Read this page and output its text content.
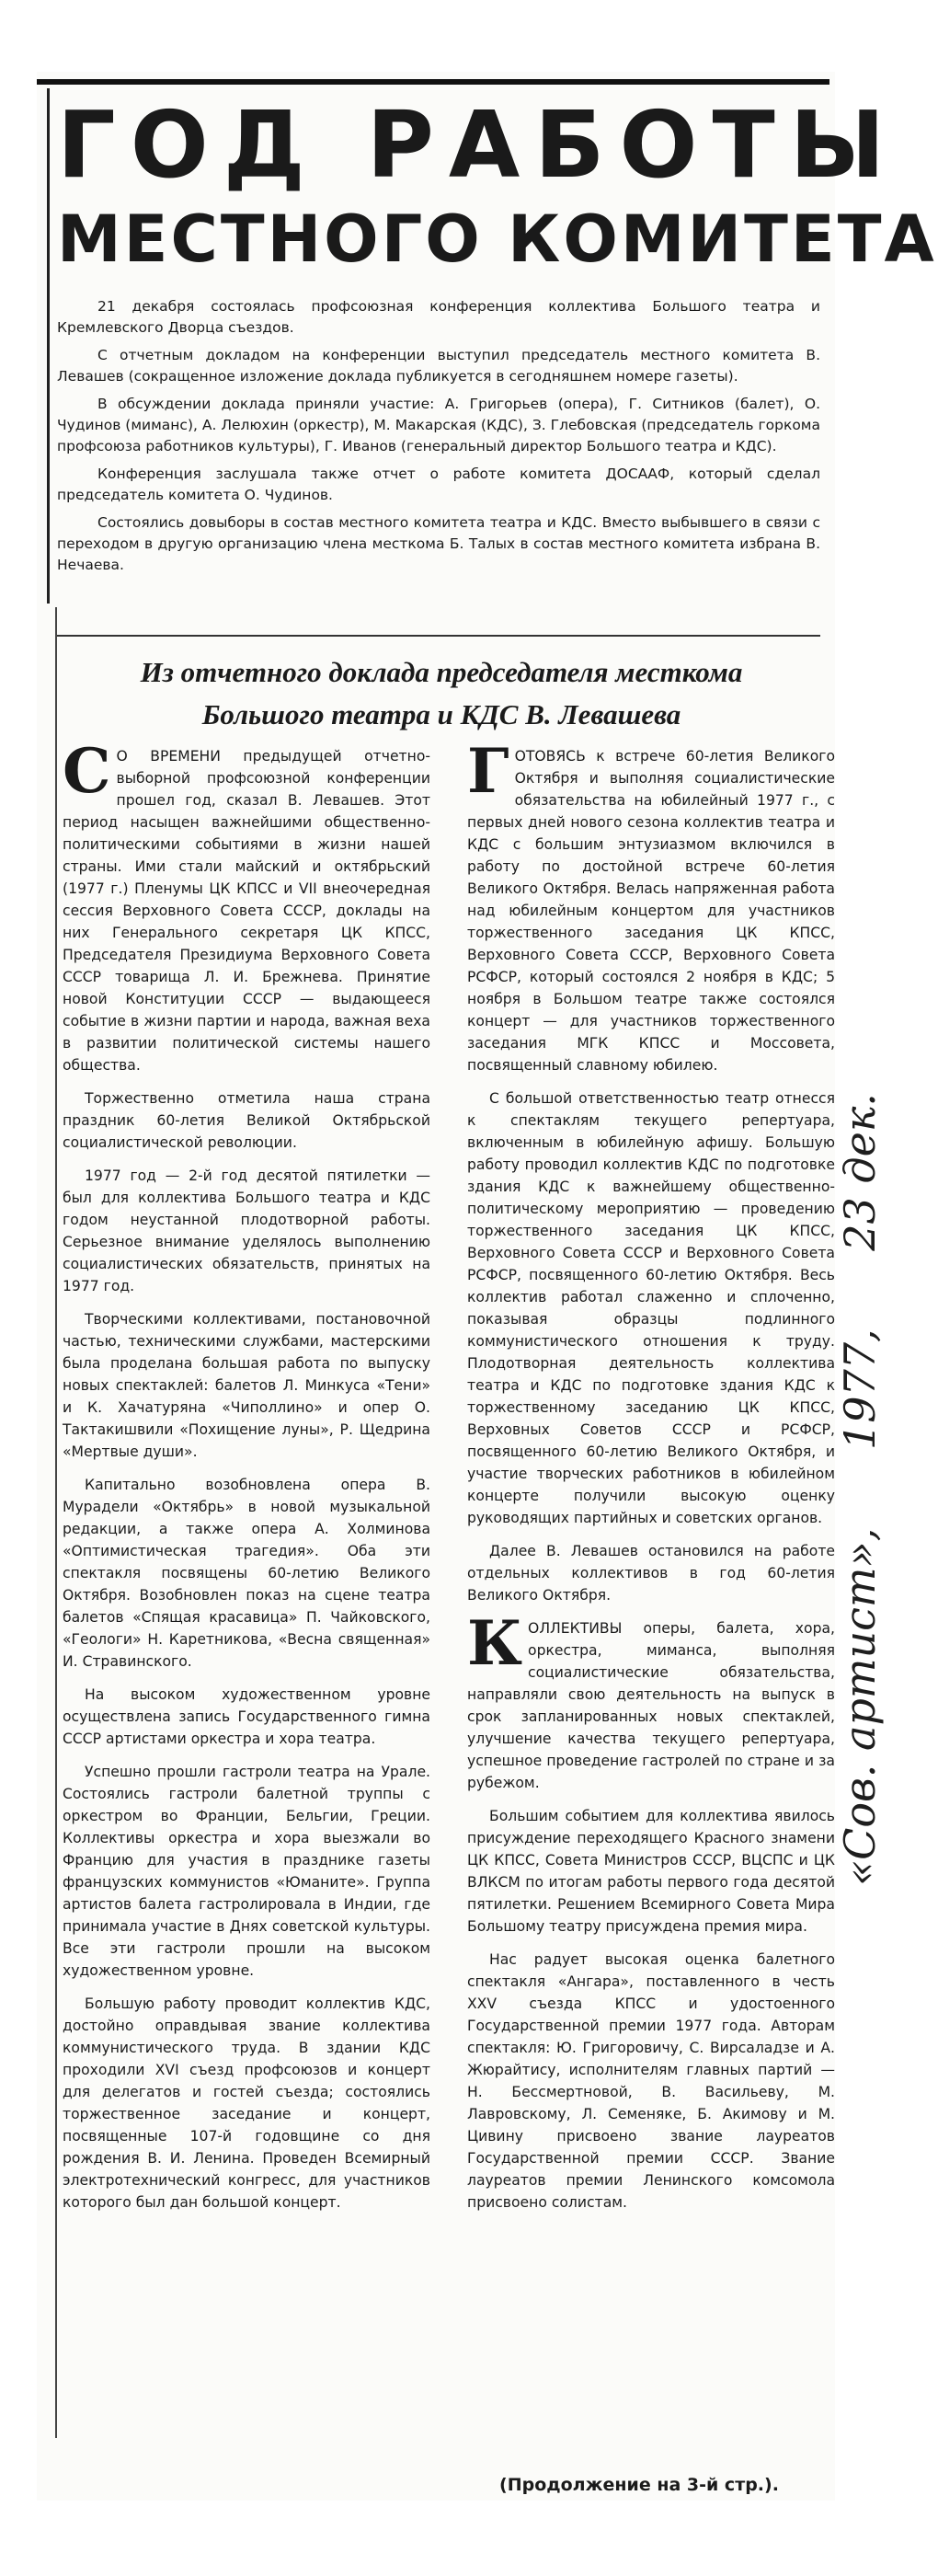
ГОД РАБОТЫ
МЕСТНОГО КОМИТЕТА

21 декабря состоялась профсоюзная конференция коллектива Большого театра и Кремлевского Дворца съездов.

С отчетным докладом на конференции выступил председатель местного комитета В. Левашев (сокращенное изложение доклада публикуется в сегодняшнем номере газеты).

В обсуждении доклада приняли участие: А. Григорьев (опера), Г. Ситников (балет), О. Чудинов (миманс), А. Лелюхин (оркестр), М. Макарская (КДС), З. Глебовская (председатель горкома профсоюза работников культуры), Г. Иванов (генеральный директор Большого театра и КДС).

Конференция заслушала также отчет о работе комитета ДОСААФ, который сделал председатель комитета О. Чудинов.

Состоялись довыборы в состав местного комитета театра и КДС. Вместо выбывшего в связи с переходом в другую организацию члена месткома Б. Талых в состав местного комитета избрана В. Нечаева.

Из отчетного доклада председателя месткома
Большого театра и КДС В. Левашева

СО ВРЕМЕНИ предыдущей отчетно-выборной профсоюзной конференции прошел год, сказал В. Левашев. Этот период насыщен важнейшими общественно-политическими событиями в жизни нашей страны. Ими стали майский и октябрьский (1977 г.) Пленумы ЦК КПСС и VII внеочередная сессия Верховного Совета СССР, доклады на них Генерального секретаря ЦК КПСС, Председателя Президиума Верховного Совета СССР товарища Л. И. Брежнева. Принятие новой Конституции СССР — выдающееся событие в жизни партии и народа, важная веха в развитии политической системы нашего общества.

Торжественно отметила наша страна праздник 60-летия Великой Октябрьской социалистической революции.

1977 год — 2-й год десятой пятилетки — был для коллектива Большого театра и КДС годом неустанной плодотворной работы. Серьезное внимание уделялось выполнению социалистических обязательств, принятых на 1977 год.

Творческими коллективами, постановочной частью, техническими службами, мастерскими была проделана большая работа по выпуску новых спектаклей: балетов Л. Минкуса «Тени» и К. Хачатуряна «Чиполлино» и опер О. Тактакишвили «Похищение луны», Р. Щедрина «Мертвые души».

Капитально возобновлена опера В. Мурадели «Октябрь» в новой музыкальной редакции, а также опера А. Холминова «Оптимистическая трагедия». Оба эти спектакля посвящены 60-летию Великого Октября. Возобновлен показ на сцене театра балетов «Спящая красавица» П. Чайковского, «Геологи» Н. Каретникова, «Весна священная» И. Стравинского.

На высоком художественном уровне осуществлена запись Государственного гимна СССР артистами оркестра и хора театра.

Успешно прошли гастроли театра на Урале. Состоялись гастроли балетной труппы с оркестром во Франции, Бельгии, Греции. Коллективы оркестра и хора выезжали во Францию для участия в празднике газеты французских коммунистов «Юманите». Группа артистов балета гастролировала в Индии, где принимала участие в Днях советской культуры. Все эти гастроли прошли на высоком художественном уровне.

Большую работу проводит коллектив КДС, достойно оправдывая звание коллектива коммунистического труда. В здании КДС проходили XVI съезд профсоюзов и концерт для делегатов и гостей съезда; состоялись торжественное заседание и концерт, посвященные 107-й годовщине со дня рождения В. И. Ленина. Проведен Всемирный электротехнический конгресс, для участников которого был дан большой концерт.

ГОТОВЯСЬ к встрече 60-летия Великого Октября и выполняя социалистические обязательства на юбилейный 1977 г., с первых дней нового сезона коллектив театра и КДС с большим энтузиазмом включился в работу по достойной встрече 60-летия Великого Октября. Велась напряженная работа над юбилейным концертом для участников торжественного заседания ЦК КПСС, Верховного Совета СССР, Верховного Совета РСФСР, который состоялся 2 ноября в КДС; 5 ноября в Большом театре также состоялся концерт — для участников торжественного заседания МГК КПСС и Моссовета, посвященный славному юбилею.

С большой ответственностью театр отнесся к спектаклям текущего репертуара, включенным в юбилейную афишу. Большую работу проводил коллектив КДС по подготовке здания КДС к важнейшему общественно-политическому мероприятию — проведению торжественного заседания ЦК КПСС, Верховного Совета СССР и Верховного Совета РСФСР, посвященного 60-летию Октября. Весь коллектив работал слаженно и сплоченно, показывая образцы подлинного коммунистического отношения к труду. Плодотворная деятельность коллектива театра и КДС по подготовке здания КДС к торжественному заседанию ЦК КПСС, Верховных Советов СССР и РСФСР, посвященного 60-летию Великого Октября, и участие творческих работников в юбилейном концерте получили высокую оценку руководящих партийных и советских органов.

Далее В. Левашев остановился на работе отдельных коллективов в год 60-летия Великого Октября.

КОЛЛЕКТИВЫ оперы, балета, хора, оркестра, миманса, выполняя социалистические обязательства, направляли свою деятельность на выпуск в срок запланированных новых спектаклей, улучшение качества текущего репертуара, успешное проведение гастролей по стране и за рубежом.

Большим событием для коллектива явилось присуждение переходящего Красного знамени ЦК КПСС, Совета Министров СССР, ВЦСПС и ЦК ВЛКСМ по итогам работы первого года десятой пятилетки. Решением Всемирного Совета Мира Большому театру присуждена премия мира.

Нас радует высокая оценка балетного спектакля «Ангара», поставленного в честь XXV съезда КПСС и удостоенного Государственной премии 1977 года. Авторам спектакля: Ю. Григоровичу, С. Вирсаладзе и А. Жюрайтису, исполнителям главных партий — Н. Бессмертновой, В. Васильеву, М. Лавровскому, Л. Семеняке, Б. Акимову и М. Цивину присвоено звание лауреатов Государственной премии СССР. Звание лауреатов премии Ленинского комсомола присвоено солистам.

(Продолжение на 3-й стр.).
«Сов. артист», 1977, 23 дек.
